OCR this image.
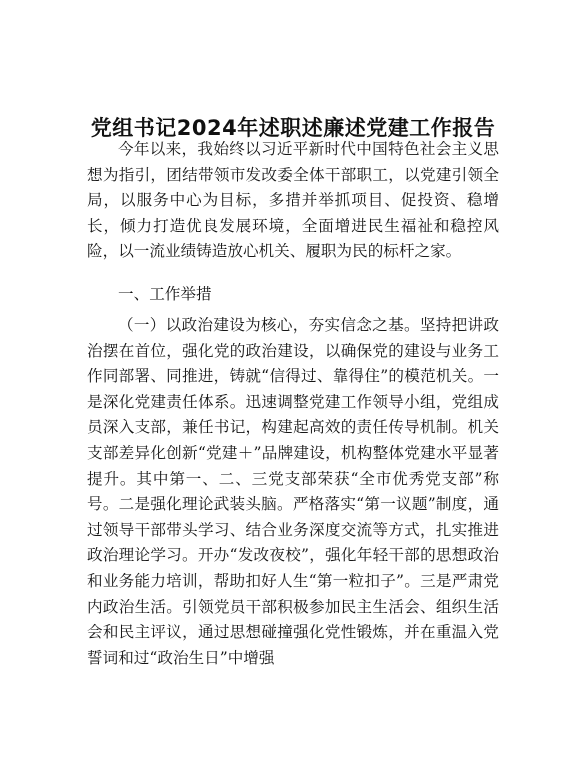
党组书记2024年述职述廉述党建工作报告

今年以来，我始终以习近平新时代中国特色社会主义思想为指引，团结带领市发改委全体干部职工，以党建引领全局，以服务中心为目标，多措并举抓项目、促投资、稳增长，倾力打造优良发展环境，全面增进民生福祉和稳控风险，以一流业绩铸造放心机关、履职为民的标杆之家。

一、工作举措

（一）以政治建设为核心，夯实信念之基。坚持把讲政治摆在首位，强化党的政治建设，以确保党的建设与业务工作同部署、同推进，铸就“信得过、靠得住”的模范机关。一是深化党建责任体系。迅速调整党建工作领导小组，党组成员深入支部，兼任书记，构建起高效的责任传导机制。机关支部差异化创新“党建＋”品牌建设，机构整体党建水平显著提升。其中第一、二、三党支部荣获“全市优秀党支部”称号。二是强化理论武装头脑。严格落实“第一议题”制度，通过领导干部带头学习、结合业务深度交流等方式，扎实推进政治理论学习。开办“发改夜校”，强化年轻干部的思想政治和业务能力培训，帮助扣好人生“第一粒扣子”。三是严肃党内政治生活。引领党员干部积极参加民主生活会、组织生活会和民主评议，通过思想碰撞强化党性锻炼，并在重温入党誓词和过“政治生日”中增强
